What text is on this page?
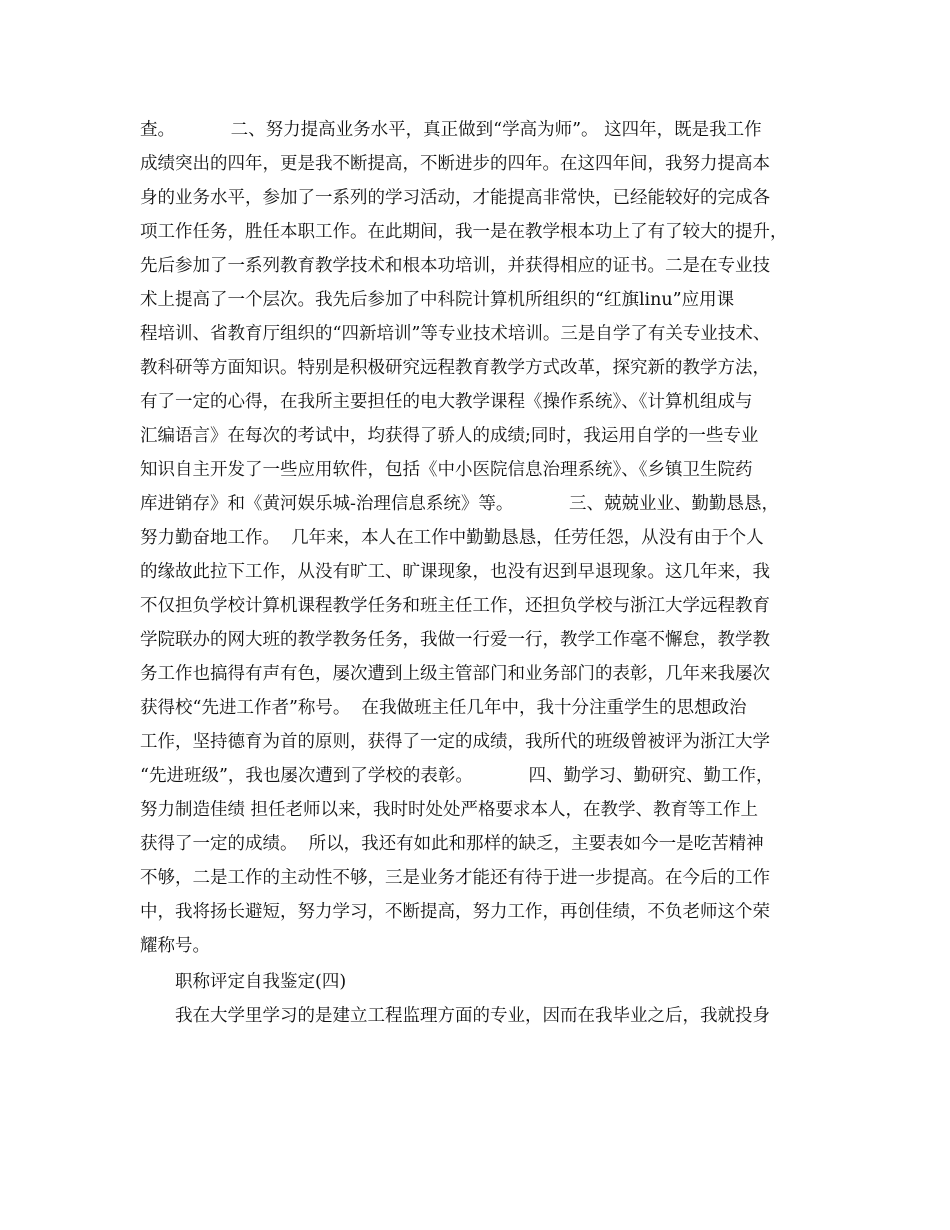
查。          二、努力提高业务水平，真正做到“学高为师”。 这四年，既是我工作
成绩突出的四年，更是我不断提高，不断进步的四年。在这四年间，我努力提高本
身的业务水平，参加了一系列的学习活动，才能提高非常快，已经能较好的完成各
项工作任务，胜任本职工作。在此期间，我一是在教学根本功上了有了较大的提升，
先后参加了一系列教育教学技术和根本功培训，并获得相应的证书。二是在专业技
术上提高了一个层次。我先后参加了中科院计算机所组织的“红旗linu”应用课
程培训、省教育厅组织的“四新培训”等专业技术培训。三是自学了有关专业技术、
教科研等方面知识。特别是积极研究远程教育教学方式改革，探究新的教学方法，
有了一定的心得，在我所主要担任的电大教学课程《操作系统》、《计算机组成与
汇编语言》在每次的考试中，均获得了骄人的成绩;同时，我运用自学的一些专业
知识自主开发了一些应用软件，包括《中小医院信息治理系统》、《乡镇卫生院药
库进销存》和《黄河娱乐城-治理信息系统》等。          三、兢兢业业、勤勤恳恳，
努力勤奋地工作。  几年来，本人在工作中勤勤恳恳，任劳任怨，从没有由于个人
的缘故此拉下工作，从没有旷工、旷课现象，也没有迟到早退现象。这几年来，我
不仅担负学校计算机课程教学任务和班主任工作，还担负学校与浙江大学远程教育
学院联办的网大班的教学教务任务，我做一行爱一行，教学工作毫不懈怠，教学教
务工作也搞得有声有色，屡次遭到上级主管部门和业务部门的表彰，几年来我屡次
获得校“先进工作者”称号。  在我做班主任几年中，我十分注重学生的思想政治
工作，坚持德育为首的原则，获得了一定的成绩，我所代的班级曾被评为浙江大学
“先进班级”，我也屡次遭到了学校的表彰。          四、勤学习、勤研究、勤工作，
努力制造佳绩 担任老师以来，我时时处处严格要求本人，在教学、教育等工作上
获得了一定的成绩。  所以，我还有如此和那样的缺乏，主要表如今一是吃苦精神
不够，二是工作的主动性不够，三是业务才能还有待于进一步提高。在今后的工作
中，我将扬长避短，努力学习，不断提高，努力工作，再创佳绩，不负老师这个荣
耀称号。
职称评定自我鉴定(四)
我在大学里学习的是建立工程监理方面的专业，因而在我毕业之后，我就投身
